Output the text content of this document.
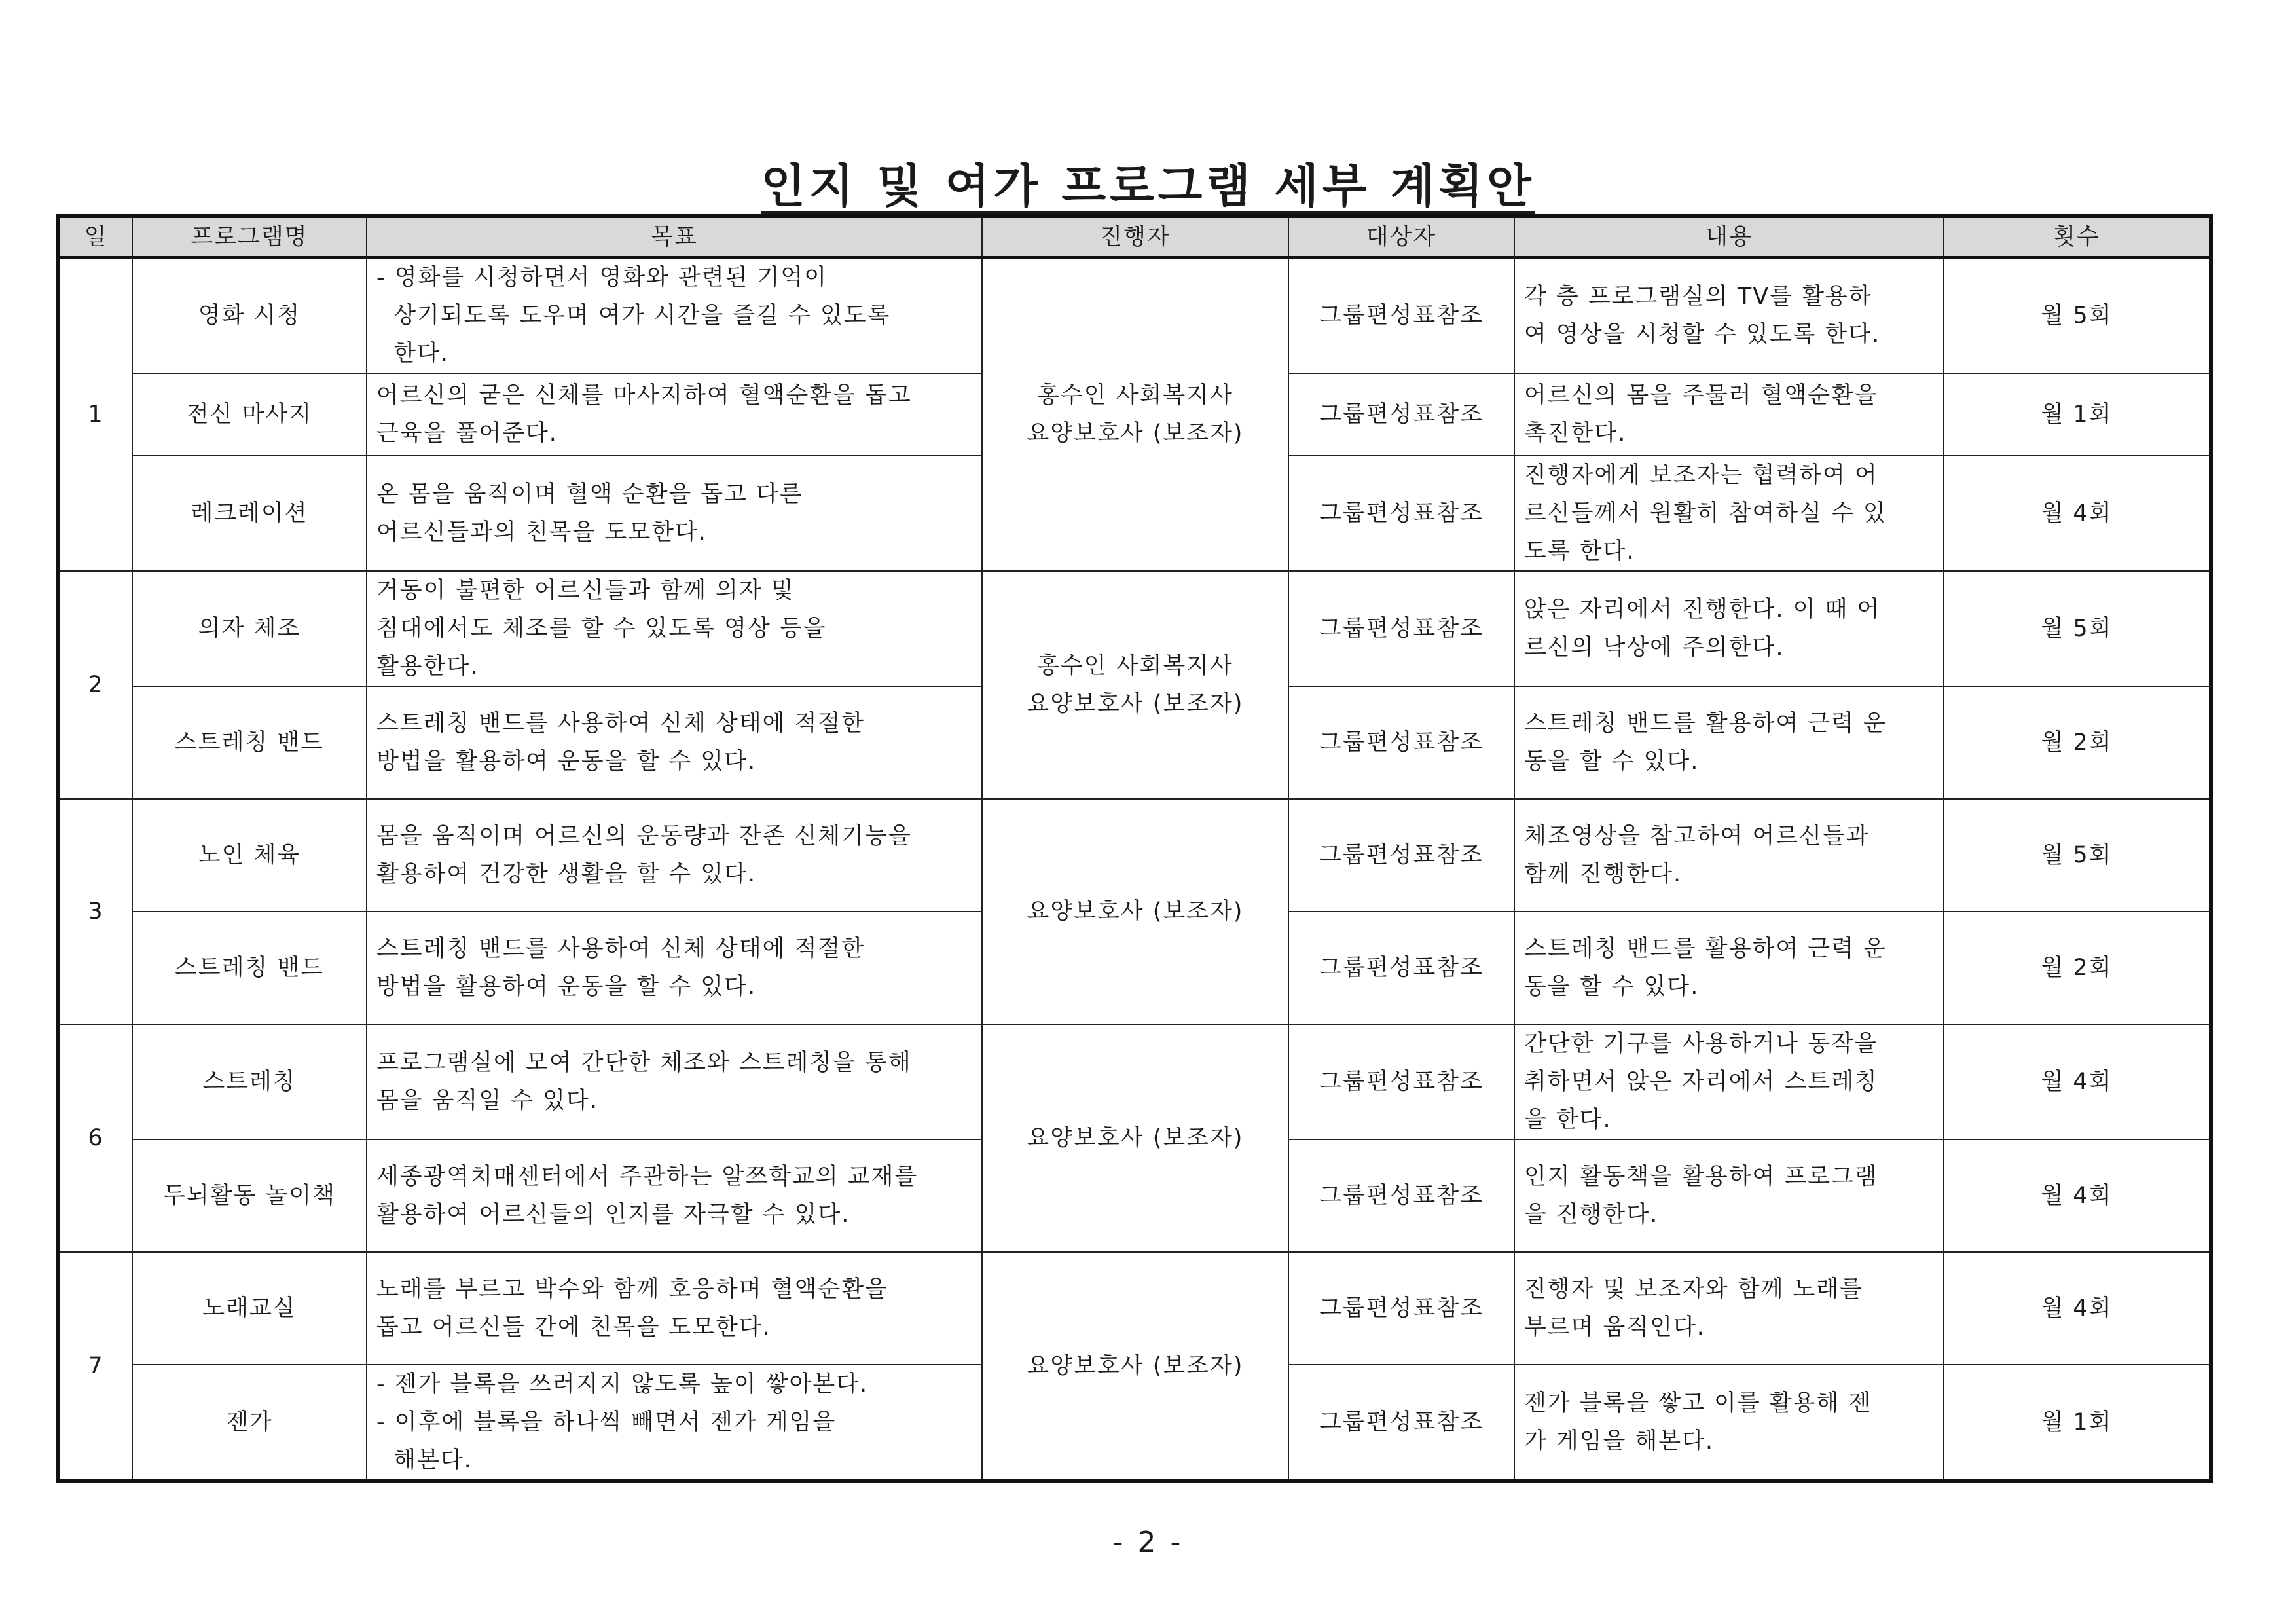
인지 및 여가 프로그램 세부 계획안
일	프로그램명	목표	진행자	대상자	내용	횟수
1	영화 시청	- 영화를 시청하면서 영화와 관련된 기억이
상기되도록 도우며 여가 시간을 즐길 수 있도록
한다.	홍수인 사회복지사
요양보호사 (보조자)	그룹편성표참조	각 층 프로그램실의 TV를 활용하
여 영상을 시청할 수 있도록 한다.	월 5회
	전신 마사지	어르신의 굳은 신체를 마사지하여 혈액순환을 돕고
근육을 풀어준다.		그룹편성표참조	어르신의 몸을 주물러 혈액순환을
촉진한다.	월 1회
	레크레이션	온 몸을 움직이며 혈액 순환을 돕고 다른
어르신들과의 친목을 도모한다.		그룹편성표참조	진행자에게 보조자는 협력하여 어
르신들께서 원활히 참여하실 수 있
도록 한다.	월 4회
2	의자 체조	거동이 불편한 어르신들과 함께 의자 및
침대에서도 체조를 할 수 있도록 영상 등을
활용한다.	홍수인 사회복지사
요양보호사 (보조자)	그룹편성표참조	앉은 자리에서 진행한다. 이 때 어
르신의 낙상에 주의한다.	월 5회
	스트레칭 밴드	스트레칭 밴드를 사용하여 신체 상태에 적절한
방법을 활용하여 운동을 할 수 있다.		그룹편성표참조	스트레칭 밴드를 활용하여 근력 운
동을 할 수 있다.	월 2회
3	노인 체육	몸을 움직이며 어르신의 운동량과 잔존 신체기능을
활용하여 건강한 생활을 할 수 있다.	요양보호사 (보조자)	그룹편성표참조	체조영상을 참고하여 어르신들과
함께 진행한다.	월 5회
	스트레칭 밴드	스트레칭 밴드를 사용하여 신체 상태에 적절한
방법을 활용하여 운동을 할 수 있다.		그룹편성표참조	스트레칭 밴드를 활용하여 근력 운
동을 할 수 있다.	월 2회
6	스트레칭	프로그램실에 모여 간단한 체조와 스트레칭을 통해
몸을 움직일 수 있다.	요양보호사 (보조자)	그룹편성표참조	간단한 기구를 사용하거나 동작을
취하면서 앉은 자리에서 스트레칭
을 한다.	월 4회
	두뇌활동 놀이책	세종광역치매센터에서 주관하는 알쯔학교의 교재를
활용하여 어르신들의 인지를 자극할 수 있다.		그룹편성표참조	인지 활동책을 활용하여 프로그램
을 진행한다.	월 4회
7	노래교실	노래를 부르고 박수와 함께 호응하며 혈액순환을
돕고 어르신들 간에 친목을 도모한다.	요양보호사 (보조자)	그룹편성표참조	진행자 및 보조자와 함께 노래를
부르며 움직인다.	월 4회
	젠가	- 젠가 블록을 쓰러지지 않도록 높이 쌓아본다.
- 이후에 블록을 하나씩 빼면서 젠가 게임을
해본다.		그룹편성표참조	젠가 블록을 쌓고 이를 활용해 젠
가 게임을 해본다.	월 1회
- 2 -
